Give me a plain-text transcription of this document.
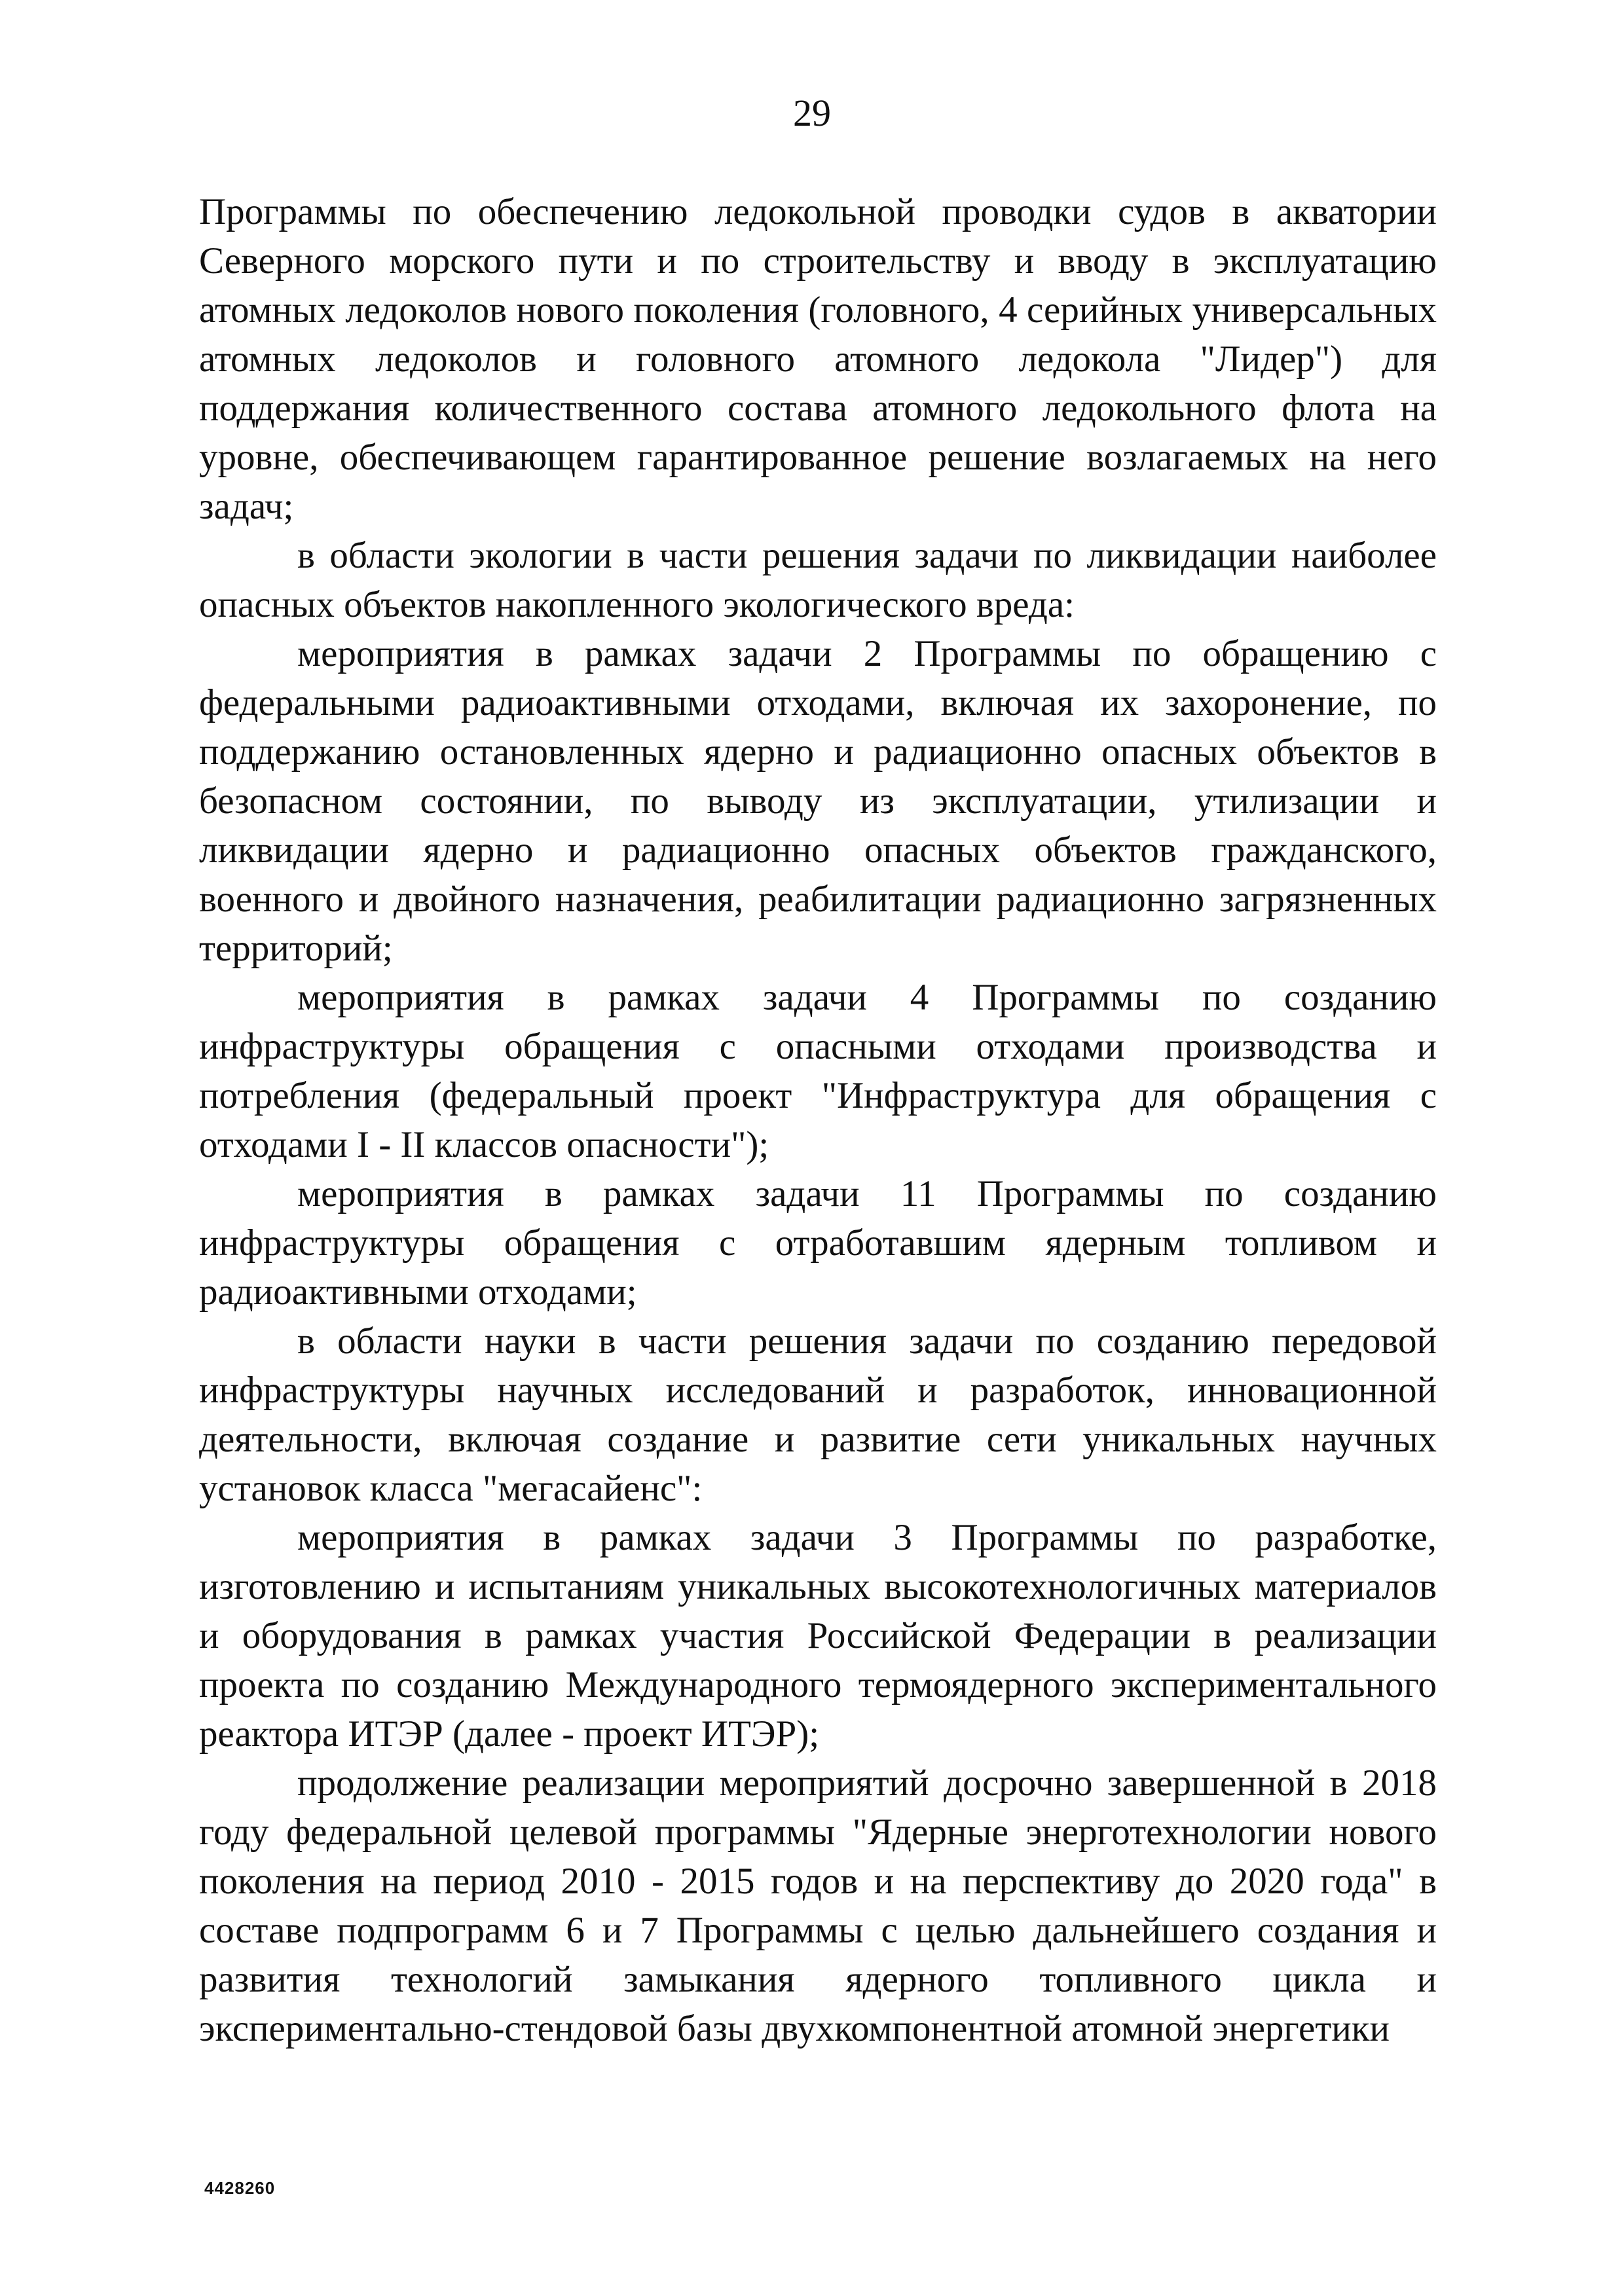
29

Программы по обеспечению ледокольной проводки судов в акватории Северного морского пути и по строительству и вводу в эксплуатацию атомных ледоколов нового поколения (головного, 4 серийных универсальных атомных ледоколов и головного атомного ледокола "Лидер") для поддержания количественного состава атомного ледокольного флота на уровне, обеспечивающем гарантированное решение возлагаемых на него задач;

в области экологии в части решения задачи по ликвидации наиболее опасных объектов накопленного экологического вреда:

мероприятия в рамках задачи 2 Программы по обращению с федеральными радиоактивными отходами, включая их захоронение, по поддержанию остановленных ядерно и радиационно опасных объектов в безопасном состоянии, по выводу из эксплуатации, утилизации и ликвидации ядерно и радиационно опасных объектов гражданского, военного и двойного назначения, реабилитации радиационно загрязненных территорий;

мероприятия в рамках задачи 4 Программы по созданию инфраструктуры обращения с опасными отходами производства и потребления (федеральный проект "Инфраструктура для обращения с отходами I - II классов опасности");

мероприятия в рамках задачи 11 Программы по созданию инфраструктуры обращения с отработавшим ядерным топливом и радиоактивными отходами;

в области науки в части решения задачи по созданию передовой инфраструктуры научных исследований и разработок, инновационной деятельности, включая создание и развитие сети уникальных научных установок класса "мегасайенс":

мероприятия в рамках задачи 3 Программы по разработке, изготовлению и испытаниям уникальных высокотехнологичных материалов и оборудования в рамках участия Российской Федерации в реализации проекта по созданию Международного термоядерного экспериментального реактора ИТЭР (далее - проект ИТЭР);

продолжение реализации мероприятий досрочно завершенной в 2018 году федеральной целевой программы "Ядерные энерготехнологии нового поколения на период 2010 - 2015 годов и на перспективу до 2020 года" в составе подпрограмм 6 и 7 Программы с целью дальнейшего создания и развития технологий замыкания ядерного топливного цикла и экспериментально-стендовой базы двухкомпонентной атомной энергетики

4428260
